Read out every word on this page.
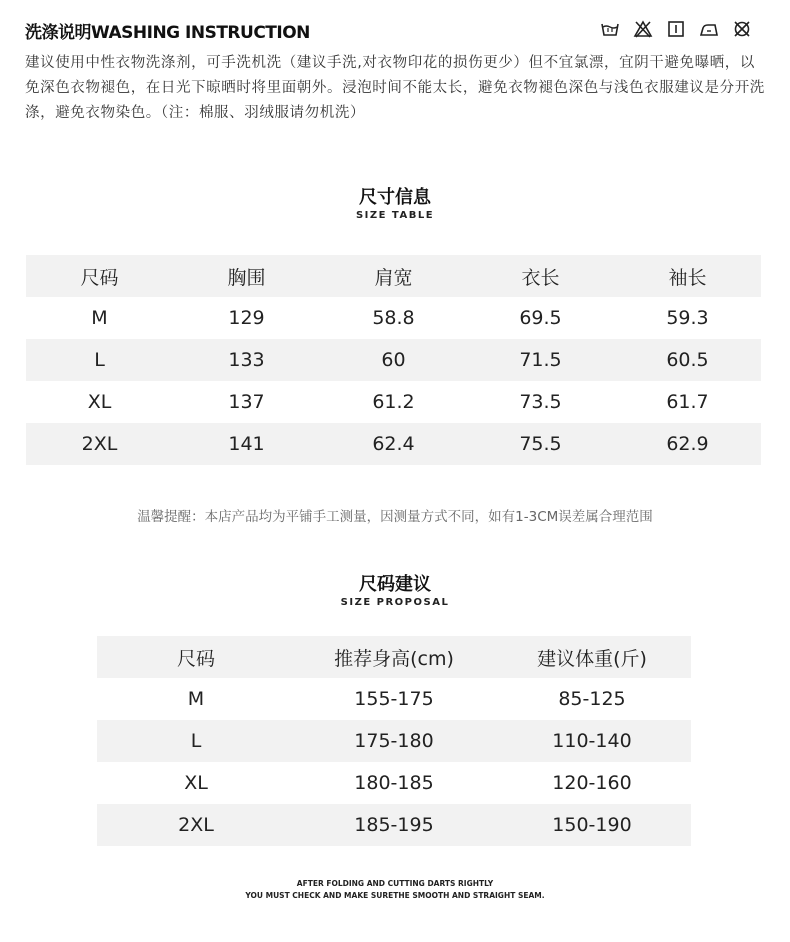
洗涤说明WASHING INSTRUCTION
建议使用中性衣物洗涤剂，可手洗机洗（建议手洗,对衣物印花的损伤更少）但不宜氯漂，宜阴干避免曝晒，以免深色衣物褪色，在日光下晾晒时将里面朝外。浸泡时间不能太长，避免衣物褪色深色与浅色衣服建议是分开洗涤，避免衣物染色。（注：棉服、羽绒服请勿机洗）
尺寸信息
SIZE TABLE
尺码	胸围	肩宽	衣长	袖长
M	129	58.8	69.5	59.3
L	133	60	71.5	60.5
XL	137	61.2	73.5	61.7
2XL	141	62.4	75.5	62.9
温馨提醒：本店产品均为平铺手工测量，因测量方式不同，如有1-3CM误差属合理范围
尺码建议
SIZE PROPOSAL
尺码	推荐身高(cm)	建议体重(斤)
M	155-175	85-125
L	175-180	110-140
XL	180-185	120-160
2XL	185-195	150-190
AFTER FOLDING AND CUTTING DARTS RIGHTLY
YOU MUST CHECK AND MAKE SURETHE SMOOTH AND STRAIGHT SEAM.
